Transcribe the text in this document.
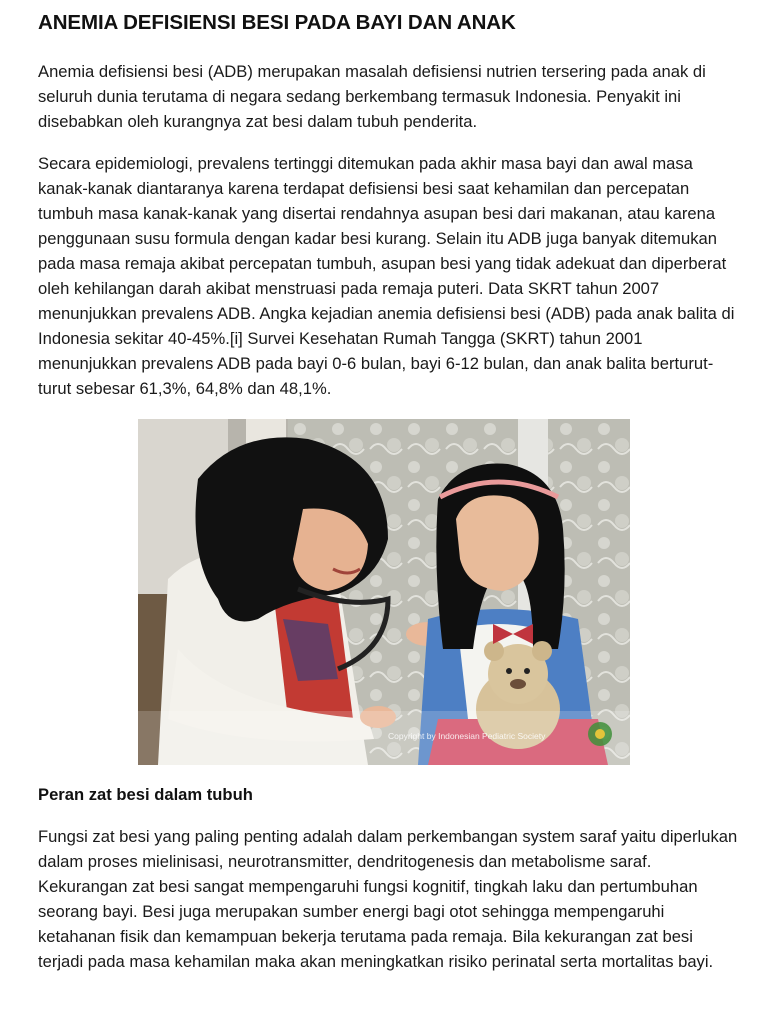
ANEMIA DEFISIENSI BESI PADA BAYI DAN ANAK

Anemia defisiensi besi (ADB) merupakan masalah defisiensi nutrien tersering pada anak di seluruh dunia terutama di negara sedang berkembang termasuk Indonesia. Penyakit ini disebabkan oleh kurangnya zat besi dalam tubuh penderita.

Secara epidemiologi, prevalens tertinggi ditemukan pada akhir masa bayi dan awal masa kanak-kanak diantaranya karena terdapat defisiensi besi saat kehamilan dan percepatan tumbuh masa kanak-kanak yang disertai rendahnya asupan besi dari makanan, atau karena penggunaan susu formula dengan kadar besi kurang. Selain itu ADB juga banyak ditemukan pada masa remaja akibat percepatan tumbuh, asupan besi yang tidak adekuat dan diperberat oleh kehilangan darah akibat menstruasi pada remaja puteri. Data SKRT tahun 2007 menunjukkan prevalens ADB. Angka kejadian anemia defisiensi besi (ADB) pada anak balita di Indonesia sekitar 40-45%.[i] Survei Kesehatan Rumah Tangga (SKRT) tahun 2001 menunjukkan prevalens ADB pada bayi 0-6 bulan, bayi 6-12 bulan, dan anak balita berturut-turut sebesar 61,3%, 64,8% dan 48,1%.

Copyright by Indonesian Pediatric Society
Peran zat besi dalam tubuh

Fungsi zat besi yang paling penting adalah dalam perkembangan system saraf yaitu diperlukan dalam proses mielinisasi, neurotransmitter, dendritogenesis dan metabolisme saraf. Kekurangan zat besi sangat mempengaruhi fungsi kognitif, tingkah laku dan pertumbuhan seorang bayi. Besi juga merupakan sumber energi bagi otot sehingga mempengaruhi ketahanan fisik dan kemampuan bekerja terutama pada remaja. Bila kekurangan zat besi terjadi pada masa kehamilan maka akan meningkatkan risiko perinatal serta mortalitas bayi.
